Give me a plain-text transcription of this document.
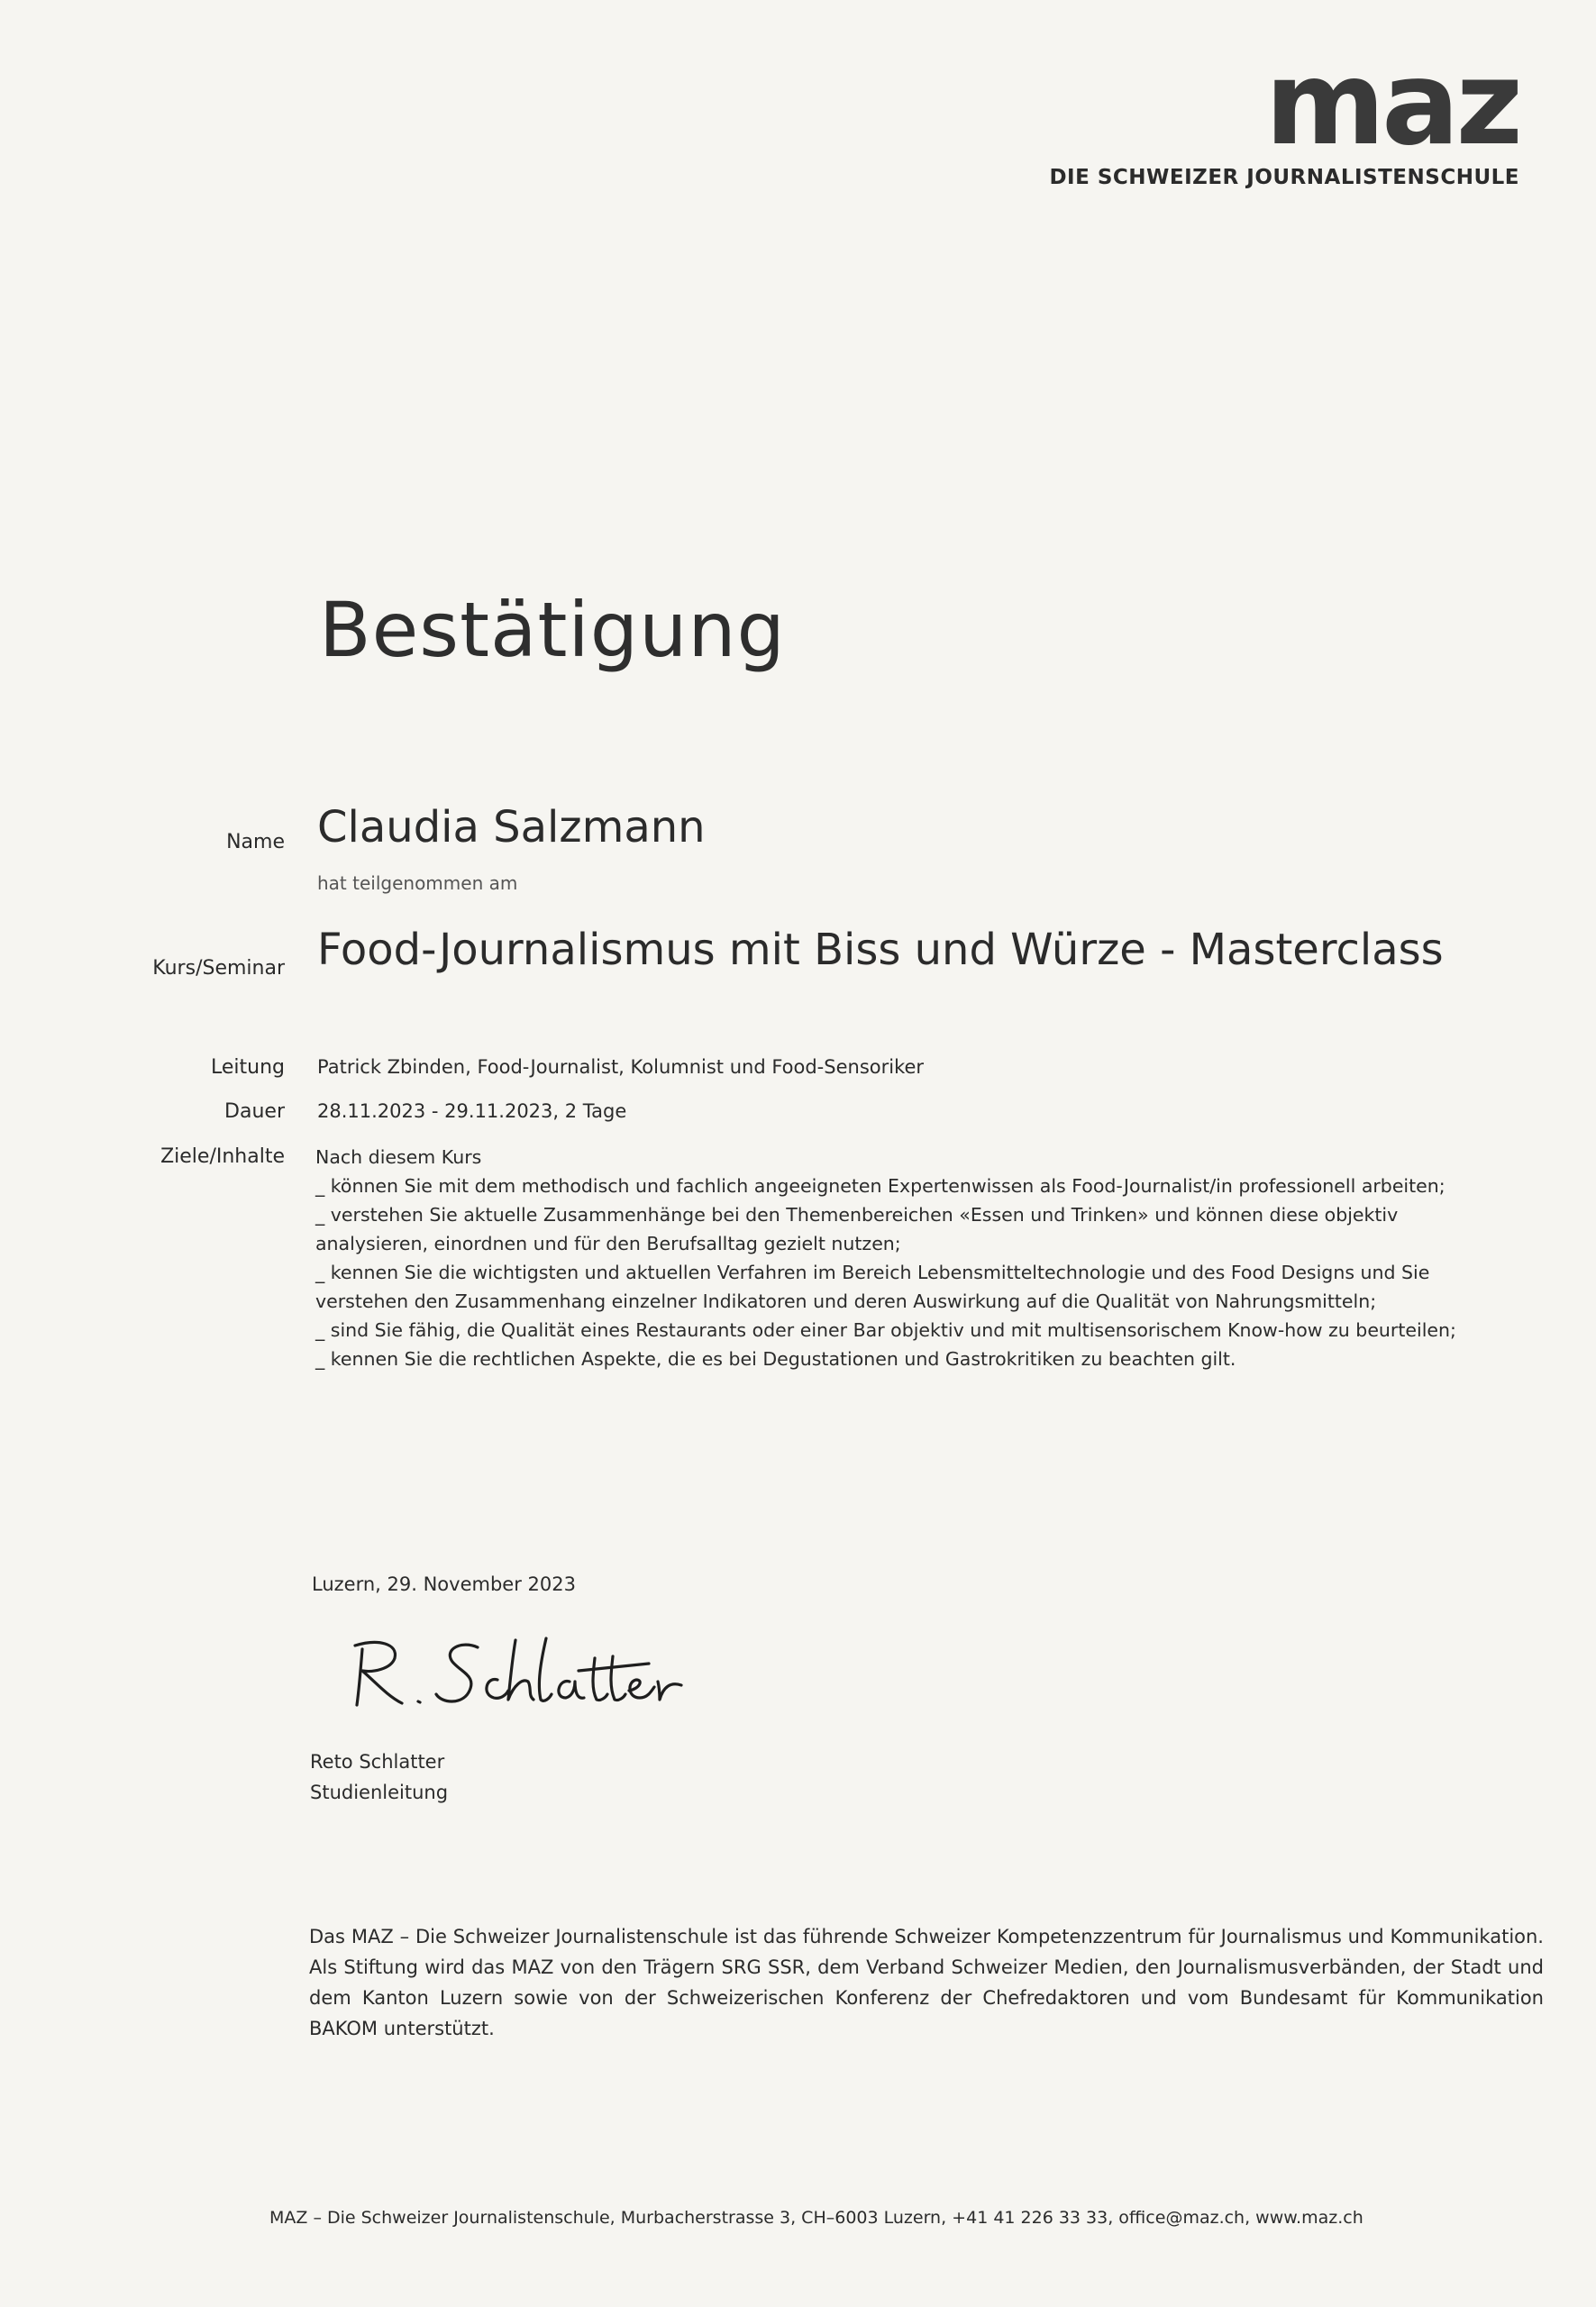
maz
DIE SCHWEIZER JOURNALISTENSCHULE
Bestätigung
Name Claudia Salzmann
hat teilgenommen am
Kurs/Seminar Food-Journalismus mit Biss und Würze - Masterclass
Leitung Patrick Zbinden, Food-Journalist, Kolumnist und Food-Sensoriker
Dauer 28.11.2023 - 29.11.2023, 2 Tage
Ziele/Inhalte Nach diesem Kurs
_ können Sie mit dem methodisch und fachlich angeeigneten Expertenwissen als Food-Journalist/in professionell arbeiten;
_ verstehen Sie aktuelle Zusammenhänge bei den Themenbereichen «Essen und Trinken» und können diese objektiv
analysieren, einordnen und für den Berufsalltag gezielt nutzen;
_ kennen Sie die wichtigsten und aktuellen Verfahren im Bereich Lebensmitteltechnologie und des Food Designs und Sie
verstehen den Zusammenhang einzelner Indikatoren und deren Auswirkung auf die Qualität von Nahrungsmitteln;
_ sind Sie fähig, die Qualität eines Restaurants oder einer Bar objektiv und mit multisensorischem Know-how zu beurteilen;
_ kennen Sie die rechtlichen Aspekte, die es bei Degustationen und Gastrokritiken zu beachten gilt.
Luzern, 29. November 2023
Reto Schlatter
Studienleitung
Das MAZ – Die Schweizer Journalistenschule ist das führende Schweizer Kompetenzzentrum für Journalismus und Kommunikation. Als Stiftung wird das MAZ von den Trägern SRG SSR, dem Verband Schweizer Medien, den Journalismusverbänden, der Stadt und dem Kanton Luzern sowie von der Schweizerischen Konferenz der Chefredaktoren und vom Bundesamt für Kommunikation BAKOM unterstützt.
MAZ – Die Schweizer Journalistenschule, Murbacherstrasse 3, CH–6003 Luzern, +41 41 226 33 33, office@maz.ch, www.maz.ch
